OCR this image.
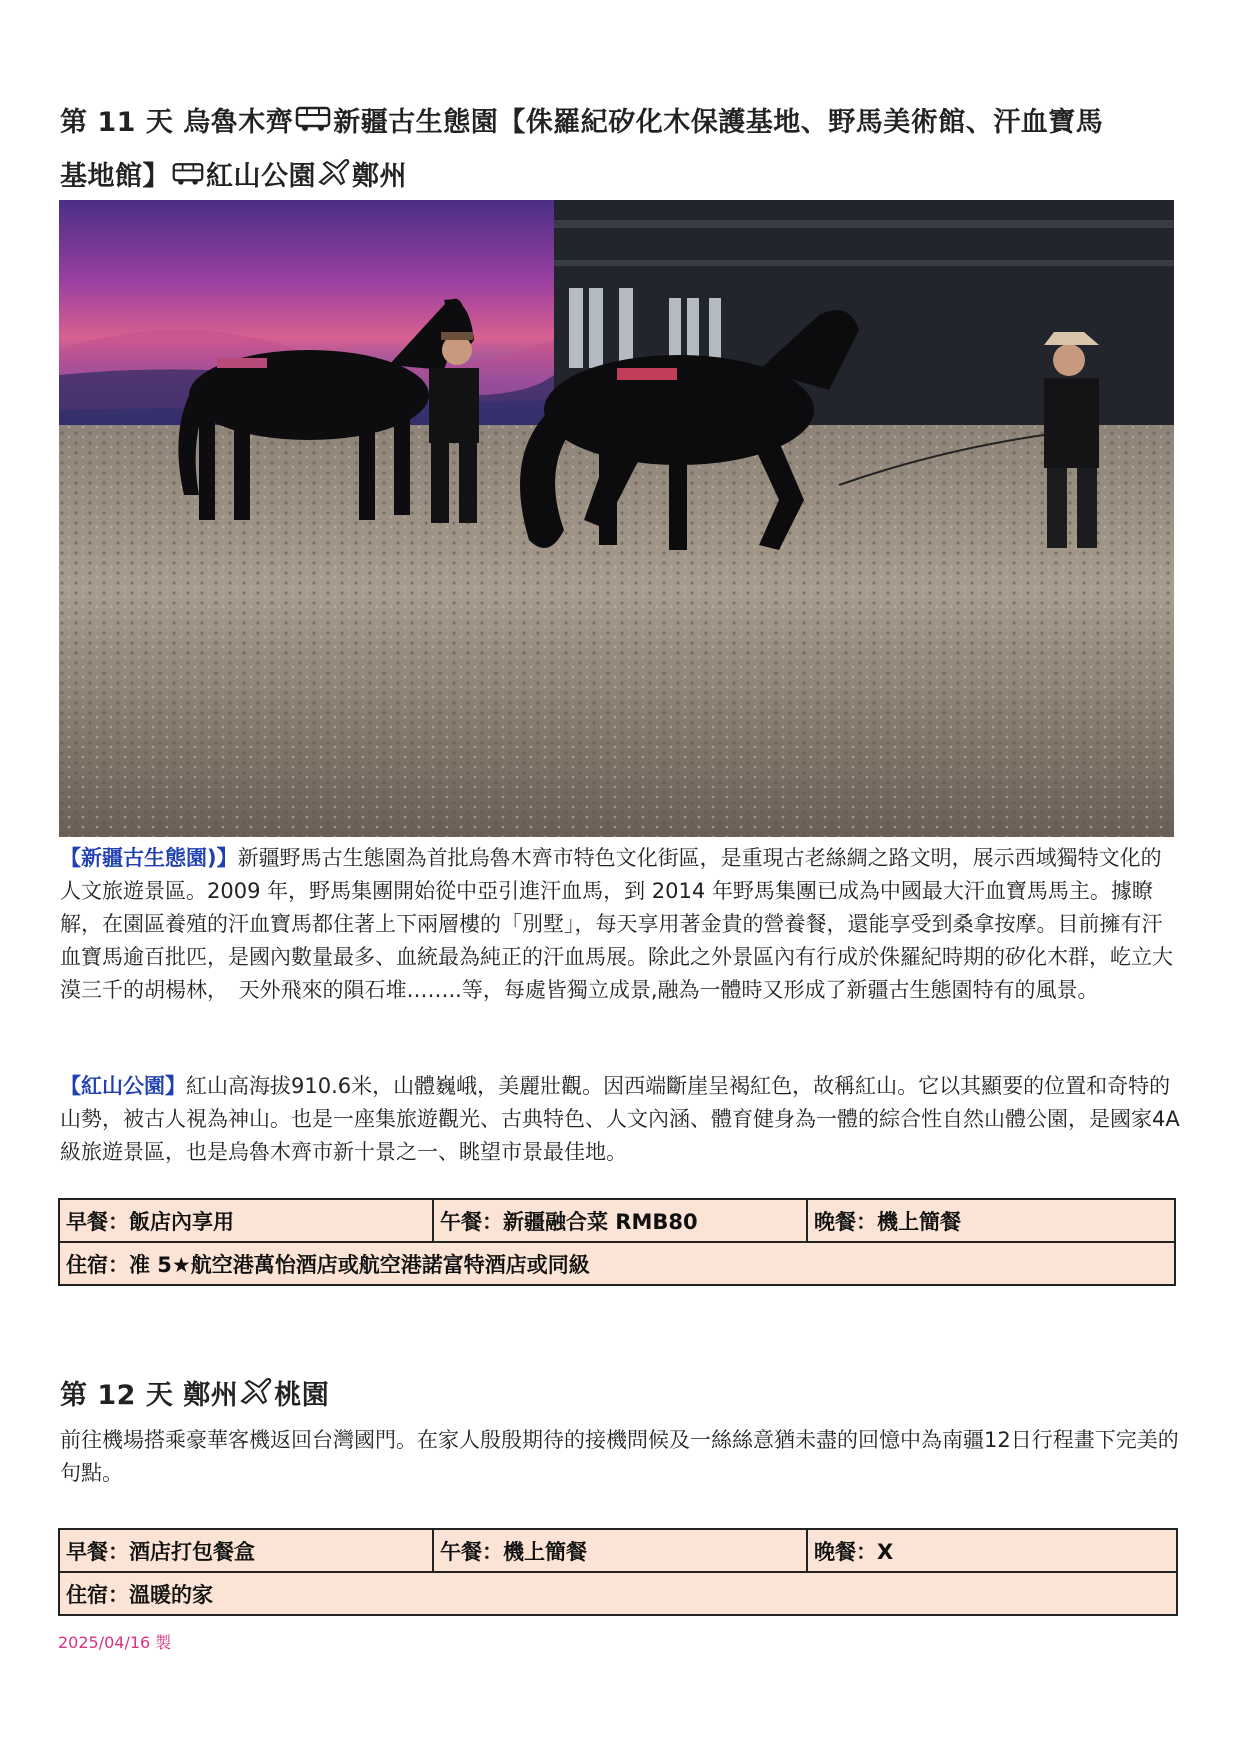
第 11 天 烏魯木齊 新疆古生態園【侏羅紀矽化木保護基地、野馬美術館、汗血寶馬
基地館】 紅山公園 鄭州
【新疆古生態園)】新疆野馬古生態園為首批烏魯木齊市特色文化街區，是重現古老絲綢之路文明，展示西域獨特文化的人文旅遊景區。2009 年，野馬集團開始從中亞引進汗血馬，到 2014 年野馬集團已成為中國最大汗血寶馬馬主。據瞭解，在園區養殖的汗血寶馬都住著上下兩層樓的「別墅」，每天享用著金貴的營養餐，還能享受到桑拿按摩。目前擁有汗血寶馬逾百批匹，是國內數量最多、血統最為純正的汗血馬展。除此之外景區內有行成於侏羅紀時期的矽化木群，屹立大漠三千的胡楊林，　天外飛來的隕石堆……..等，每處皆獨立成景,融為一體時又形成了新疆古生態園特有的風景。
【紅山公園】紅山高海拔910.6米，山體巍峨，美麗壯觀。因西端斷崖呈褐紅色，故稱紅山。它以其顯要的位置和奇特的山勢，被古人視為神山。也是一座集旅遊觀光、古典特色、人文內涵、體育健身為一體的綜合性自然山體公園，是國家4A級旅遊景區，也是烏魯木齊市新十景之一、眺望市景最佳地。
早餐：飯店內享用	午餐：新疆融合菜 RMB80	晚餐：機上簡餐
住宿：准 5★航空港萬怡酒店或航空港諾富特酒店或同級
第 12 天 鄭州 桃園
前往機場搭乘豪華客機返回台灣國門。在家人殷殷期待的接機問候及一絲絲意猶未盡的回憶中為南疆12日行程畫下完美的句點。
早餐：酒店打包餐盒	午餐：機上簡餐	晚餐：X
住宿：溫暖的家
2025/04/16 製
